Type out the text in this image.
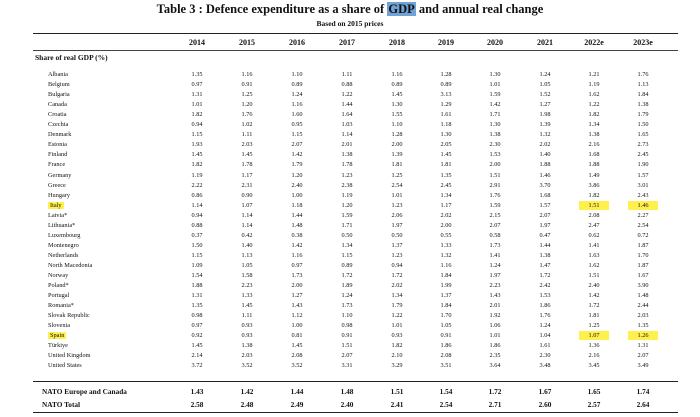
Table 3 : Defence expenditure as a share of GDP and annual real change
Based on 2015 prices
2014	2015	2016	2017	2018	2019	2020	2021	2022e	2023e
Share of real GDP (%)
Albania	1.35	1.16	1.10	1.11	1.16	1.28	1.30	1.24	1.21	1.76
Belgium	0.97	0.91	0.89	0.88	0.89	0.89	1.01	1.05	1.19	1.13
Bulgaria	1.31	1.25	1.24	1.22	1.45	3.13	1.59	1.52	1.62	1.84
Canada	1.01	1.20	1.16	1.44	1.30	1.29	1.42	1.27	1.22	1.38
Croatia	1.82	1.76	1.60	1.64	1.55	1.61	1.71	1.98	1.82	1.79
Czechia	0.94	1.02	0.95	1.03	1.10	1.18	1.30	1.39	1.34	1.50
Denmark	1.15	1.11	1.15	1.14	1.28	1.30	1.38	1.32	1.38	1.65
Estonia	1.93	2.03	2.07	2.01	2.00	2.05	2.30	2.02	2.16	2.73
Finland	1.45	1.45	1.42	1.38	1.39	1.45	1.53	1.40	1.68	2.45
France	1.82	1.78	1.79	1.78	1.81	1.81	2.00	1.88	1.88	1.90
Germany	1.19	1.17	1.20	1.23	1.25	1.35	1.51	1.46	1.49	1.57
Greece	2.22	2.31	2.40	2.38	2.54	2.45	2.91	3.70	3.86	3.01
Hungary	0.86	0.90	1.00	1.19	1.01	1.34	1.76	1.68	1.82	2.43
Italy	1.14	1.07	1.18	1.20	1.23	1.17	1.59	1.57	1.51	1.46
Latvia*	0.94	1.14	1.44	1.59	2.06	2.02	2.15	2.07	2.08	2.27
Lithuania*	0.88	1.14	1.48	1.71	1.97	2.00	2.07	1.97	2.47	2.54
Luxembourg	0.37	0.42	0.38	0.50	0.50	0.55	0.58	0.47	0.62	0.72
Montenegro	1.50	1.40	1.42	1.34	1.37	1.33	1.73	1.44	1.41	1.87
Netherlands	1.15	1.13	1.16	1.15	1.23	1.32	1.41	1.38	1.63	1.70
North Macedonia	1.09	1.05	0.97	0.89	0.94	1.16	1.24	1.47	1.62	1.87
Norway	1.54	1.58	1.73	1.72	1.72	1.84	1.97	1.72	1.51	1.67
Poland*	1.88	2.23	2.00	1.89	2.02	1.99	2.23	2.42	2.40	3.90
Portugal	1.31	1.33	1.27	1.24	1.34	1.37	1.43	1.53	1.42	1.48
Romania*	1.35	1.45	1.43	1.73	1.79	1.84	2.01	1.86	1.72	2.44
Slovak Republic	0.98	1.11	1.12	1.10	1.22	1.70	1.92	1.76	1.81	2.03
Slovenia	0.97	0.93	1.00	0.98	1.01	1.05	1.06	1.24	1.25	1.35
Spain	0.92	0.93	0.81	0.91	0.93	0.91	1.01	1.04	1.07	1.26
Türkiye	1.45	1.38	1.45	1.51	1.82	1.86	1.86	1.61	1.36	1.31
United Kingdom	2.14	2.03	2.08	2.07	2.10	2.08	2.35	2.30	2.16	2.07
United States	3.72	3.52	3.52	3.31	3.29	3.51	3.64	3.48	3.45	3.49
NATO Europe and Canada	1.43	1.42	1.44	1.48	1.51	1.54	1.72	1.67	1.65	1.74
NATO Total	2.58	2.48	2.49	2.40	2.41	2.54	2.71	2.60	2.57	2.64
